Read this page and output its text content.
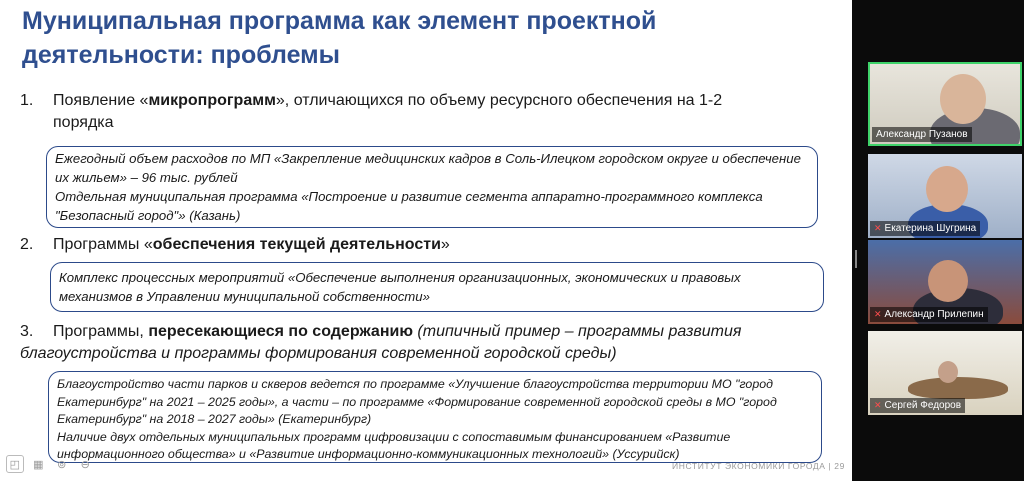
Муниципальная программа как элемент проектной деятельности: проблемы
1. Появление «микропрограмм», отличающихся по объему ресурсного обеспечения на 1-2
порядка

Ежегодный объем расходов по МП «Закрепление медицинских кадров в Соль-Илецком городском округе и обеспечение их жильем» – 96 тыс. рублей

Отдельная муниципальная программа «Построение и развитие сегмента аппаратно-программного комплекса "Безопасный город"» (Казань)

2. Программы «обеспечения текущей деятельности»

Комплекс процессных мероприятий «Обеспечение выполнения организационных, экономических и правовых механизмов в Управлении муниципальной собственности»

3. Программы, пересекающиеся по содержанию (типичный пример – программы развития
благоустройства и программы формирования современной городской среды)

Благоустройство части парков и скверов ведется по программе «Улучшение благоустройства территории МО "город Екатеринбург" на 2021 – 2025 годы», а части – по программе «Формирование современной городской среды в МО "город Екатеринбург" на 2018 – 2027 годы» (Екатеринбург)

Наличие двух отдельных муниципальных программ цифровизации с сопоставимым финансированием «Развитие информационного общества» и «Развитие информационно-коммуникационных технологий» (Уссурийск)

ИНСТИТУТ ЭКОНОМИКИ ГОРОДА | 29
◰	▦	⊚	⊖
Александр Пузанов
✕ Екатерина Шугрина
✕ Александр Прилепин
✕ Сергей Федоров
